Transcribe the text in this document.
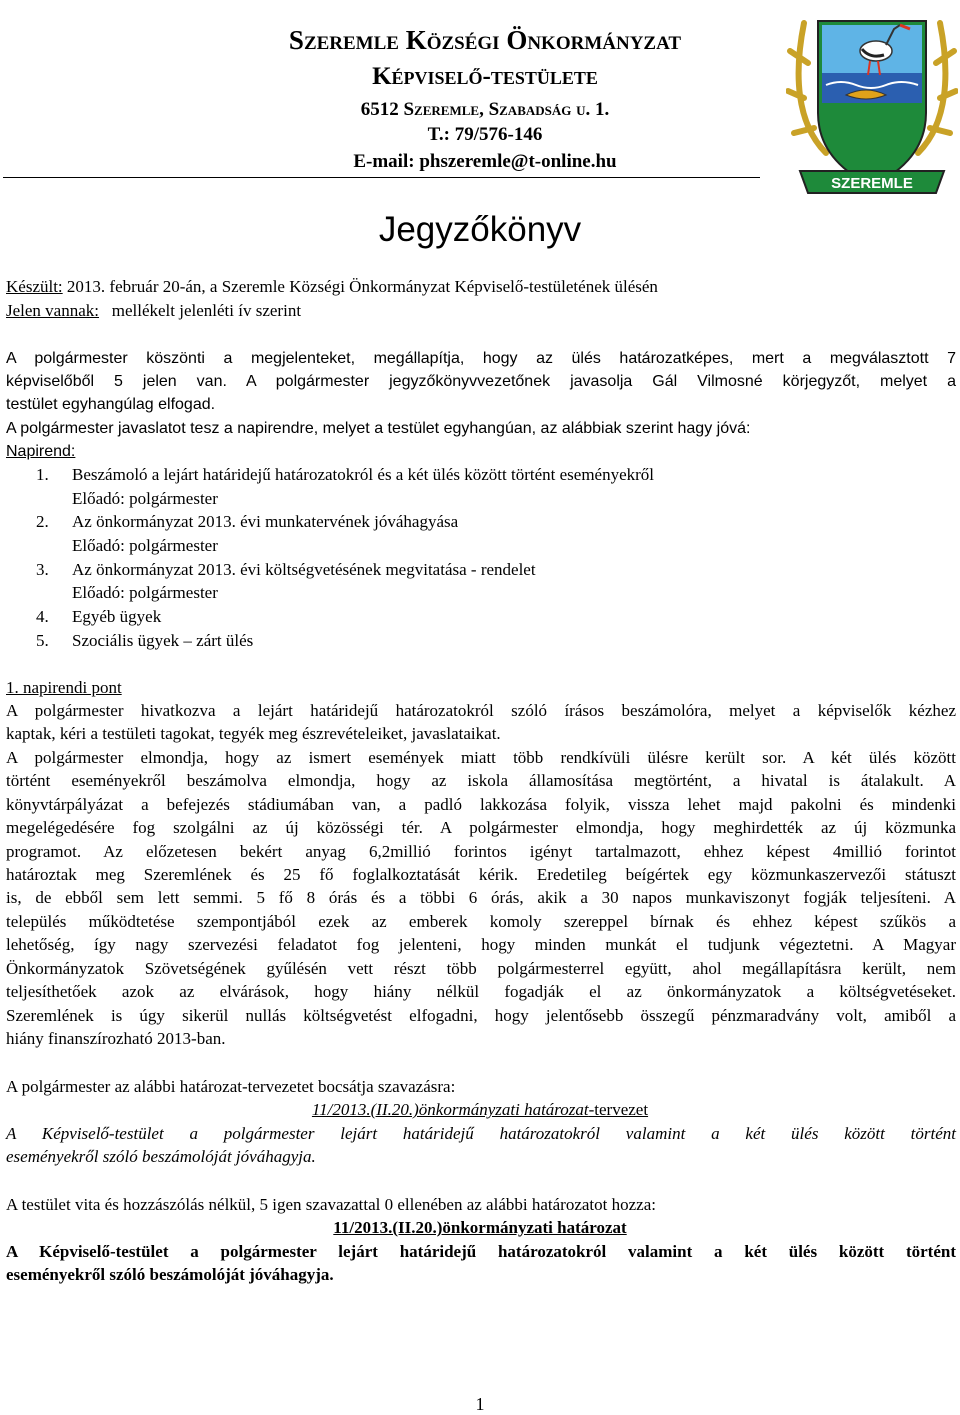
Szeremle Községi Önkormányzat
Képviselő-testülete
6512 Szeremle, Szabadság u. 1.
T.: 79/576-146
E-mail: phszeremle@t-online.hu
SZEREMLE
Jegyzőkönyv
Készült: 2013. február 20-án, a Szeremle Községi Önkormányzat Képviselő-testületének ülésén
Jelen vannak:   mellékelt jelenléti ív szerint
A polgármester köszönti a megjelenteket, megállapítja, hogy az ülés határozatképes, mert a megválasztott 7
képviselőből 5 jelen van. A polgármester jegyzőkönyvvezetőnek javasolja Gál Vilmosné körjegyzőt, melyet a
testület egyhangúlag elfogad.
A polgármester javaslatot tesz a napirendre, melyet a testület egyhangúan, az alábbiak szerint hagy jóvá:
Napirend:
1. Beszámoló a lejárt határidejű határozatokról és a két ülés között történt eseményekről
Előadó: polgármester
2. Az önkormányzat 2013. évi munkatervének jóváhagyása
Előadó: polgármester
3. Az önkormányzat 2013. évi költségvetésének megvitatása - rendelet
Előadó: polgármester
4. Egyéb ügyek
5. Szociális ügyek – zárt ülés
1. napirendi pont
A polgármester hivatkozva a lejárt határidejű határozatokról szóló írásos beszámolóra, melyet a képviselők kézhez
kaptak, kéri a testületi tagokat, tegyék meg észrevételeiket, javaslataikat.
A polgármester elmondja, hogy az ismert események miatt több rendkívüli ülésre került sor. A két ülés között
történt eseményekről beszámolva elmondja, hogy az iskola államosítása megtörtént, a hivatal is átalakult. A
könyvtárpályázat a befejezés stádiumában van, a padló lakkozása folyik, vissza lehet majd pakolni és mindenki
megelégedésére fog szolgálni az új közösségi tér. A polgármester elmondja, hogy meghirdették az új közmunka
programot. Az előzetesen bekért anyag 6,2millió forintos igényt tartalmazott, ehhez képest 4millió forintot
határoztak meg Szeremlének és 25 fő foglalkoztatását kérik. Eredetileg beígértek egy közmunkaszervezői státuszt
is, de ebből sem lett semmi. 5 fő 8 órás és a többi 6 órás, akik a 30 napos munkaviszonyt fogják teljesíteni. A
település működtetése szempontjából ezek az emberek komoly szereppel bírnak és ehhez képest szűkös a
lehetőség, így nagy szervezési feladatot fog jelenteni, hogy minden munkát el tudjunk végeztetni. A Magyar
Önkormányzatok Szövetségének gyűlésén vett részt több polgármesterrel együtt, ahol megállapításra került, nem
teljesíthetőek azok az elvárások, hogy hiány nélkül fogadják el az önkormányzatok a költségvetéseket.
Szeremlének is úgy sikerül nullás költségvetést elfogadni, hogy jelentősebb összegű pénzmaradvány volt, amiből a
hiány finanszírozható 2013-ban.
A polgármester az alábbi határozat-tervezetet bocsátja szavazásra:
11/2013.(II.20.)önkormányzati határozat-tervezet
A Képviselő-testület a polgármester lejárt határidejű határozatokról valamint a két ülés között történt
eseményekről szóló beszámolóját jóváhagyja.
A testület vita és hozzászólás nélkül, 5 igen szavazattal 0 ellenében az alábbi határozatot hozza:
11/2013.(II.20.)önkormányzati határozat
A Képviselő-testület a polgármester lejárt határidejű határozatokról valamint a két ülés között történt
eseményekről szóló beszámolóját jóváhagyja.
1
